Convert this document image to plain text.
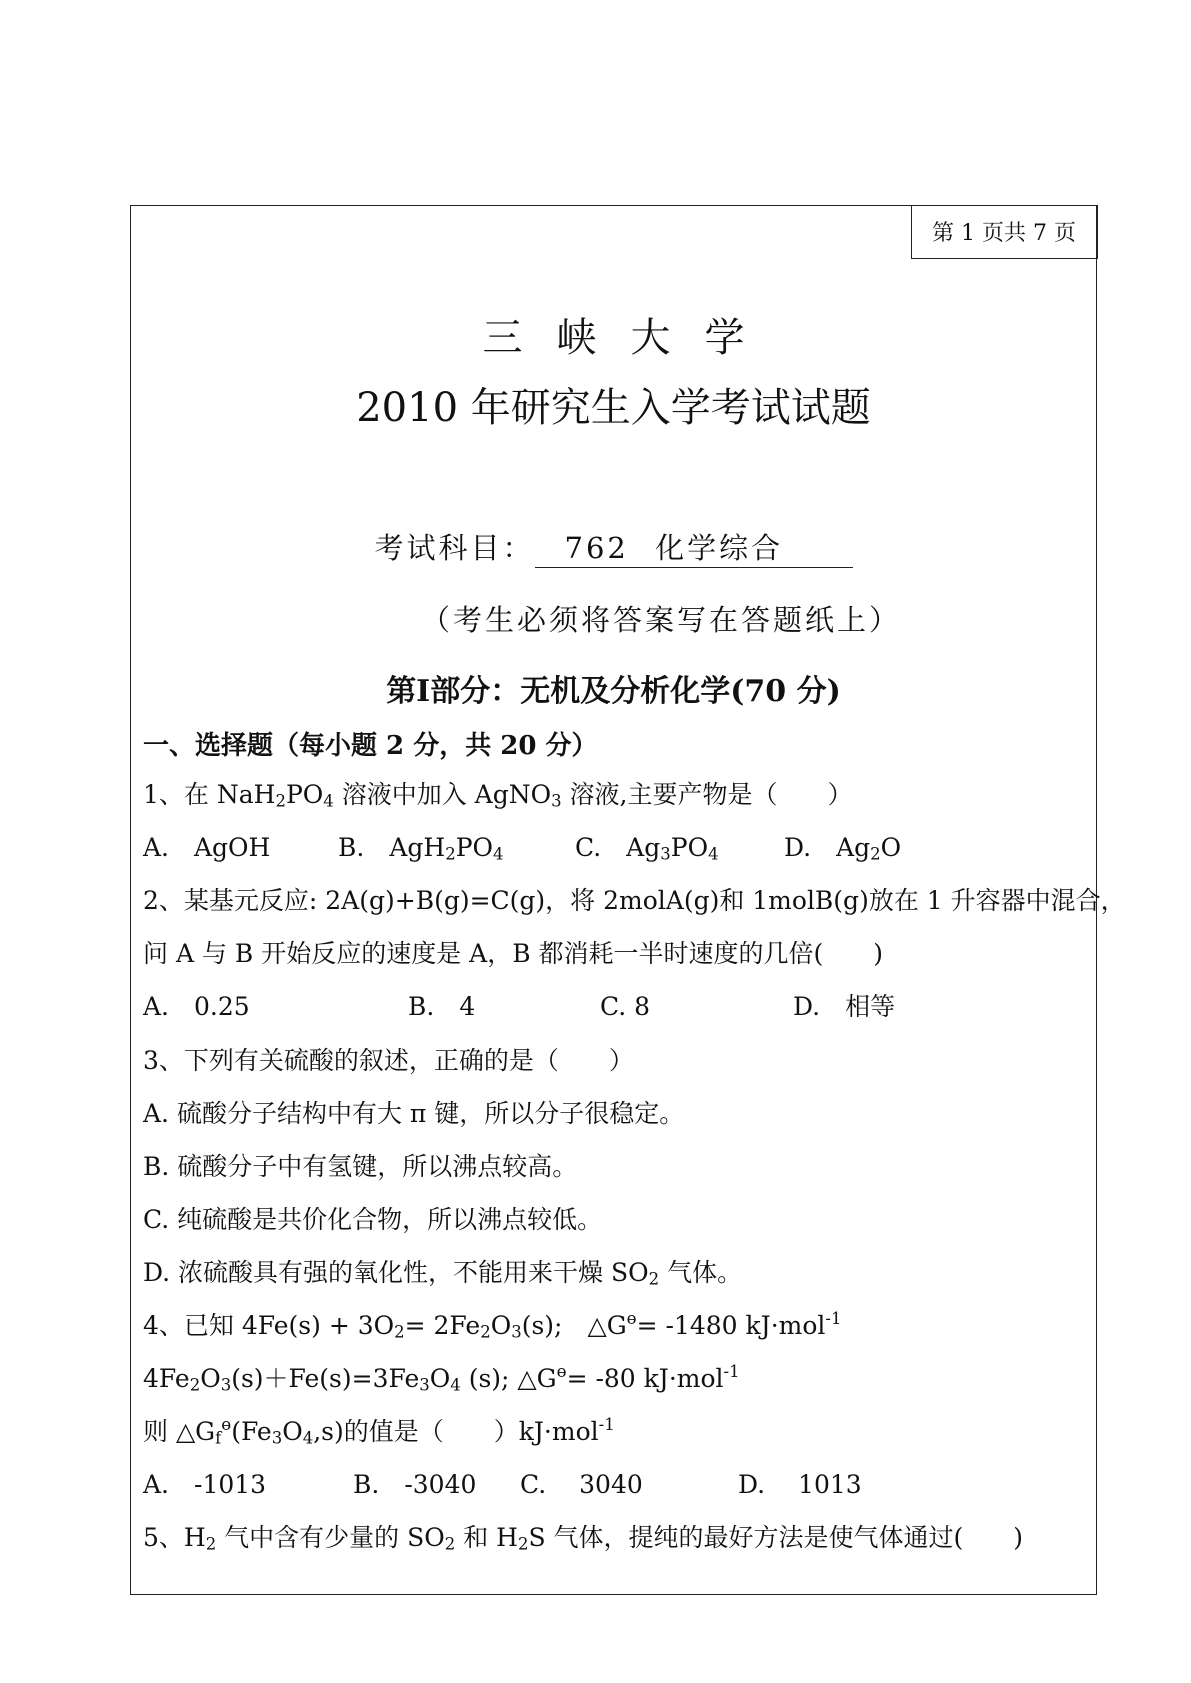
第 1 页共 7 页
三峡大学
2010 年研究生入学考试试题
考试科目： 762 化学综合
（考生必须将答案写在答题纸上）
第Ⅰ部分：无机及分析化学(70 分)
一、选择题（每小题 2 分，共 20 分）
1、在 $NaH_2PO_4$ 溶液中加入 AgNO$_3$ 溶液,主要产物是（　　）
A.　AgOH	B.　$AgH_2PO_4$	C.　$Ag_3PO_4$	D.　$Ag_2O$
2、某基元反应: 2A(g)+B(g)=C(g)，将 2molA(g)和 1molB(g)放在 1 升容器中混合，
问 A 与 B 开始反应的速度是 A，B 都消耗一半时速度的几倍(　　)
A.　0.25	B.　4	C. 8	D.　相等
3、下列有关硫酸的叙述，正确的是（　　）
A. 硫酸分子结构中有大 π 键，所以分子很稳定。
B. 硫酸分子中有氢键，所以沸点较高。
C. 纯硫酸是共价化合物，所以沸点较低。
D. 浓硫酸具有强的氧化性，不能用来干燥 $SO_2$ 气体。
4、已知 $4Fe(s) + 3O_2= 2Fe_2O_3(s)$;　$\triangle G^ө= -1480$ kJ·mol$^{-1}$
$4Fe_2O_3(s)+Fe(s)=3Fe_3O_4$ (s); $\triangle G^ө= -80$ kJ·mol$^{-1}$
则 $\triangle G_f^ө(Fe_3O_4,s)$的值是（　　）kJ·mol$^{-1}$
A.　-1013	B.　-3040 C.　 3040	D.　 1013
5、$H_2$ 气中含有少量的 $SO_2$ 和 $H_2S$ 气体，提纯的最好方法是使气体通过(　　)
